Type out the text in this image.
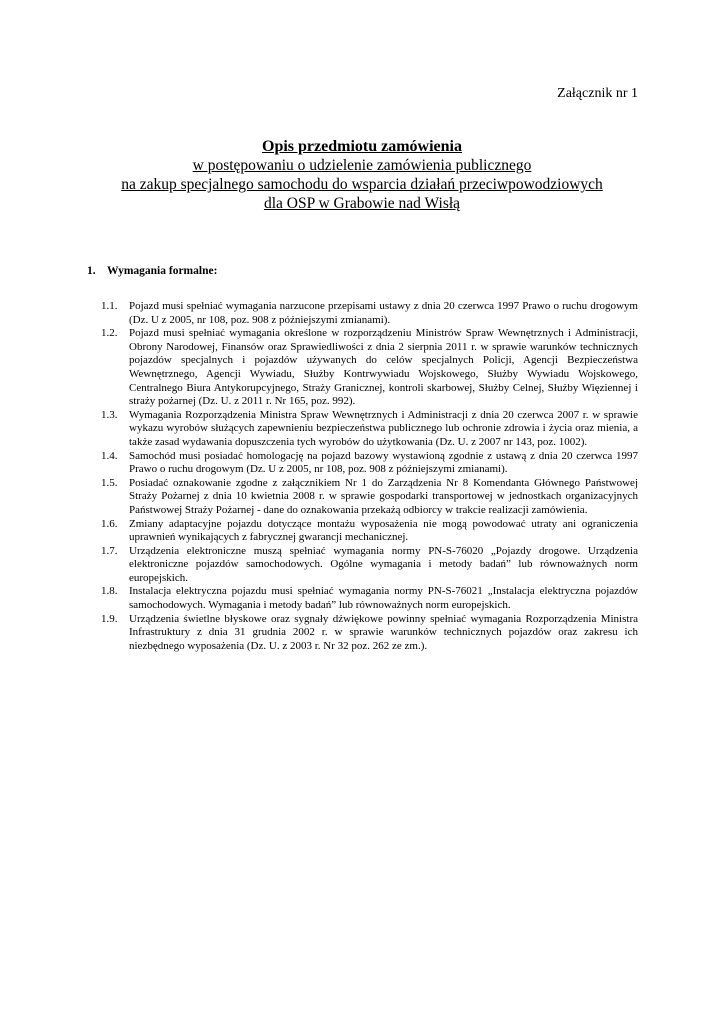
Załącznik nr 1
Opis przedmiotu zamówienia
w postępowaniu o udzielenie zamówienia publicznego
na zakup specjalnego samochodu do wsparcia działań przeciwpowodziowych
dla OSP w Grabowie nad Wisłą
1. Wymagania formalne:
1.1.	Pojazd musi spełniać wymagania narzucone przepisami ustawy z dnia 20 czerwca 1997 Prawo o ruchu drogowym (Dz. U z 2005, nr 108, poz. 908 z późniejszymi zmianami).
1.2.	Pojazd musi spełniać wymagania określone w rozporządzeniu Ministrów Spraw Wewnętrznych i Administracji, Obrony Narodowej, Finansów oraz Sprawiedliwości z dnia 2 sierpnia 2011 r. w sprawie warunków technicznych pojazdów specjalnych i pojazdów używanych do celów specjalnych Policji, Agencji Bezpieczeństwa Wewnętrznego, Agencji Wywiadu, Służby Kontrwywiadu Wojskowego, Służby Wywiadu Wojskowego, Centralnego Biura Antykorupcyjnego, Straży Granicznej, kontroli skarbowej, Służby Celnej, Służby Więziennej i straży pożarnej (Dz. U. z 2011 r. Nr 165, poz. 992).
1.3.	Wymagania Rozporządzenia Ministra Spraw Wewnętrznych i Administracji z dnia 20 czerwca 2007 r. w sprawie wykazu wyrobów służących zapewnieniu bezpieczeństwa publicznego lub ochronie zdrowia i życia oraz mienia, a także zasad wydawania dopuszczenia tych wyrobów do użytkowania (Dz. U. z 2007 nr 143, poz. 1002).
1.4.	Samochód musi posiadać homologację na pojazd bazowy wystawioną zgodnie z ustawą z dnia 20 czerwca 1997 Prawo o ruchu drogowym (Dz. U z 2005, nr 108, poz. 908 z późniejszymi zmianami).
1.5.	Posiadać oznakowanie zgodne z załącznikiem Nr 1 do Zarządzenia Nr 8 Komendanta Głównego Państwowej Straży Pożarnej z dnia 10 kwietnia 2008 r. w sprawie gospodarki transportowej w jednostkach organizacyjnych Państwowej Straży Pożarnej - dane do oznakowania przekażą odbiorcy w trakcie realizacji zamówienia.
1.6.	Zmiany adaptacyjne pojazdu dotyczące montażu wyposażenia nie mogą powodować utraty ani ograniczenia uprawnień wynikających z fabrycznej gwarancji mechanicznej.
1.7.	Urządzenia elektroniczne muszą spełniać wymagania normy PN-S-76020 „Pojazdy drogowe. Urządzenia elektroniczne pojazdów samochodowych. Ogólne wymagania i metody badań” lub równoważnych norm europejskich.
1.8.	Instalacja elektryczna pojazdu musi spełniać wymagania normy PN-S-76021 „Instalacja elektryczna pojazdów samochodowych. Wymagania i metody badań” lub równoważnych norm europejskich.
1.9.	Urządzenia świetlne błyskowe oraz sygnały dźwiękowe powinny spełniać wymagania Rozporządzenia Ministra Infrastruktury z dnia 31 grudnia 2002 r. w sprawie warunków technicznych pojazdów oraz zakresu ich niezbędnego wyposażenia (Dz. U. z 2003 r. Nr 32 poz. 262 ze zm.).
